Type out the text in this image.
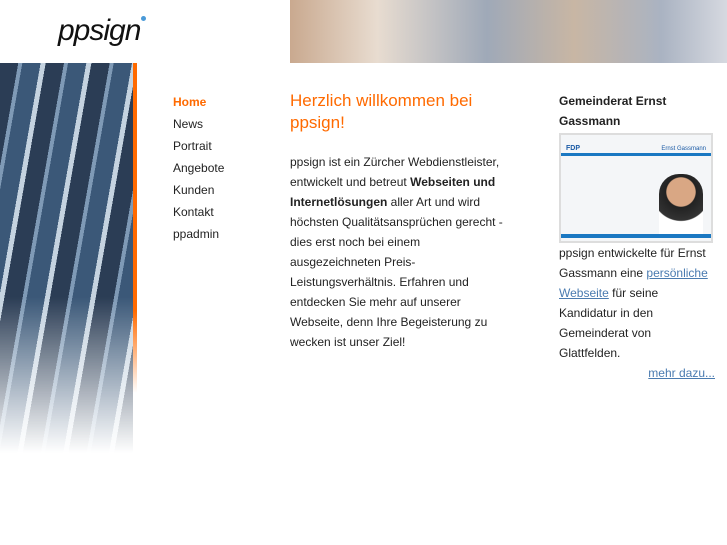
ppsign
Home
News
Portrait
Angebote
Kunden
Kontakt
ppadmin
Herzlich willkommen bei ppsign!
ppsign ist ein Zürcher Webdienstleister, entwickelt und betreut Webseiten und Internetlösungen aller Art und wird höchsten Qualitätsansprüchen gerecht - dies erst noch bei einem ausgezeichneten Preis-Leistungsverhältnis. Erfahren und entdecken Sie mehr auf unserer Webseite, denn Ihre Begeisterung zu wecken ist unser Ziel!
Gemeinderat Ernst Gassmann
FDP	Ernst Gassmann
ppsign entwickelte für Ernst Gassmann eine persönliche Webseite für seine Kandidatur in den Gemeinderat von Glattfelden.
mehr dazu...
